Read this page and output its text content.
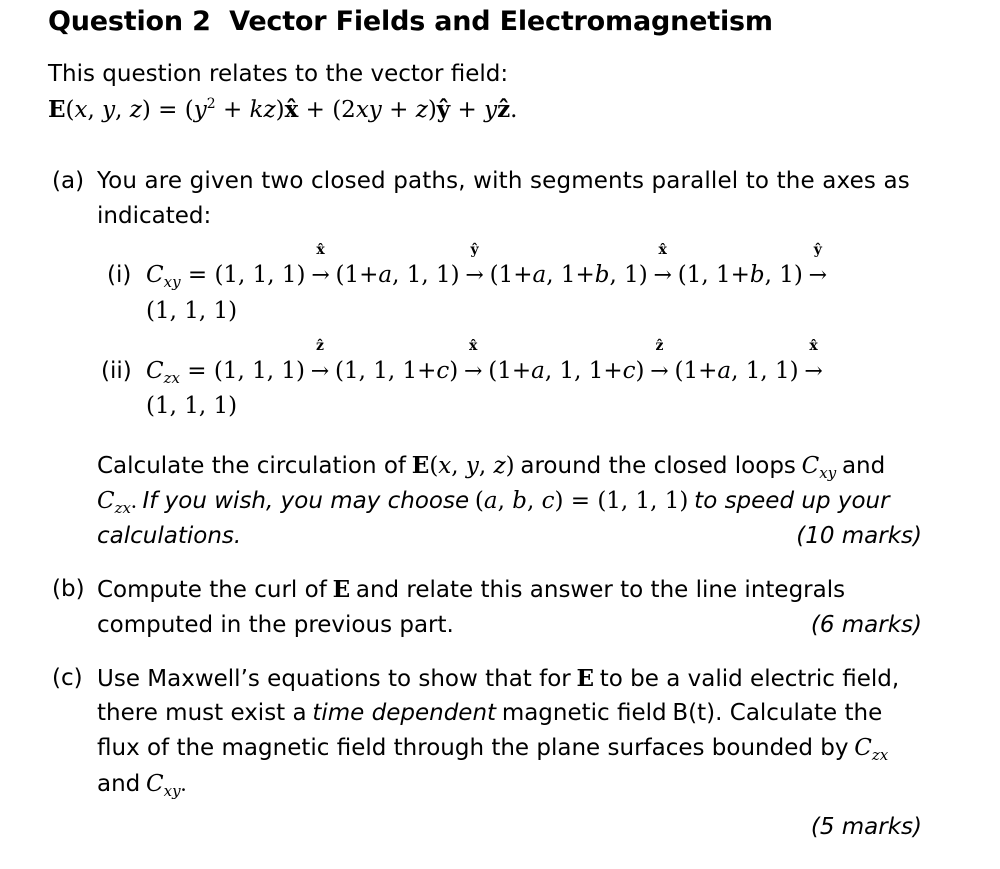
Question 2 Vector Fields and Electromagnetism
This question relates to the vector field:
E(x, y, $z) = (y^2$ + kz)x̂ + (2xy + z)ŷ + yẑ.
(a) You are given two closed paths, with segments parallel to the axes as
indicated:
(i) $C_{xy} = (1$, 1, 1)
x̂
→ (1+a, 1, 1)
ŷ
→ (1+a, 1+b, 1)
x̂
→ (1, 1+b, 1)
ŷ
→
(1, 1, 1)
(ii) $C_{zx} = (1$, 1, 1)
ẑ
→ (1, 1, 1+c)
x̂
→ (1+a, 1, 1+c)
ẑ
→ (1+a, 1, 1)
x̂
→
(1, 1, 1)
Calculate the circulation of E(x, y, z) around the closed loops $C_{xy}$ and
$C_{zx}$. If you wish, you may choose (a, b, c) = (1, 1, 1) to speed up your
calculations.	(10 marks)
(b) Compute the curl of E and relate this answer to the line integrals
computed in the previous part.	(6 marks)
(c) Use Maxwell’s equations to show that for E to be a valid electric field,
there must exist a time dependent magnetic field B(t). Calculate the
flux of the magnetic field through the plane surfaces bounded by $C_{zx}$
and $C_{xy}$.
(5 marks)
